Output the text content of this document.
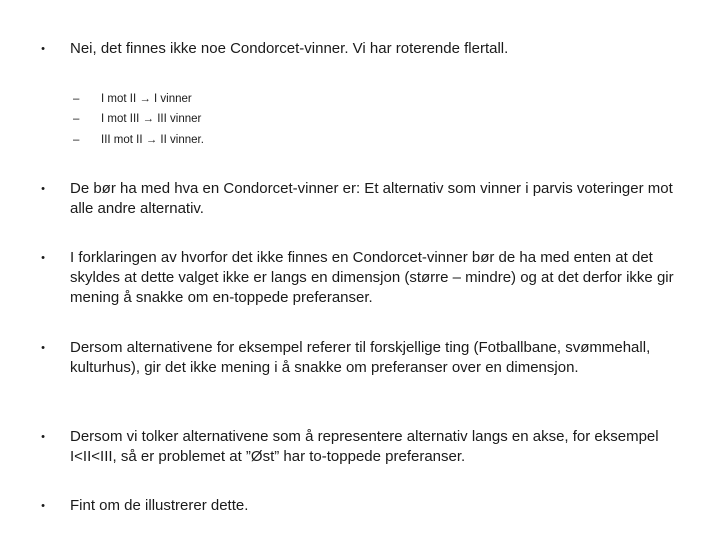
• Nei, det finnes ikke noe Condorcet-vinner. Vi har roterende flertall.
– I mot II → I vinner
– I mot III → III vinner
– III mot II → II vinner.
• De bør ha med hva en Condorcet-vinner er: Et alternativ som vinner i parvis voteringer mot alle andre alternativ.
• I forklaringen av hvorfor det ikke finnes en Condorcet-vinner bør de ha med enten at det skyldes at dette valget ikke er langs en dimensjon (større – mindre) og at det derfor ikke gir mening å snakke om en-toppede preferanser.
• Dersom alternativene for eksempel referer til forskjellige ting (Fotballbane, svømmehall, kulturhus), gir det ikke mening i å snakke om preferanser over en dimensjon.
• Dersom vi tolker alternativene som å representere alternativ langs en akse, for eksempel I<II<III, så er problemet at ”Øst” har to-toppede preferanser.
• Fint om de illustrerer dette.
